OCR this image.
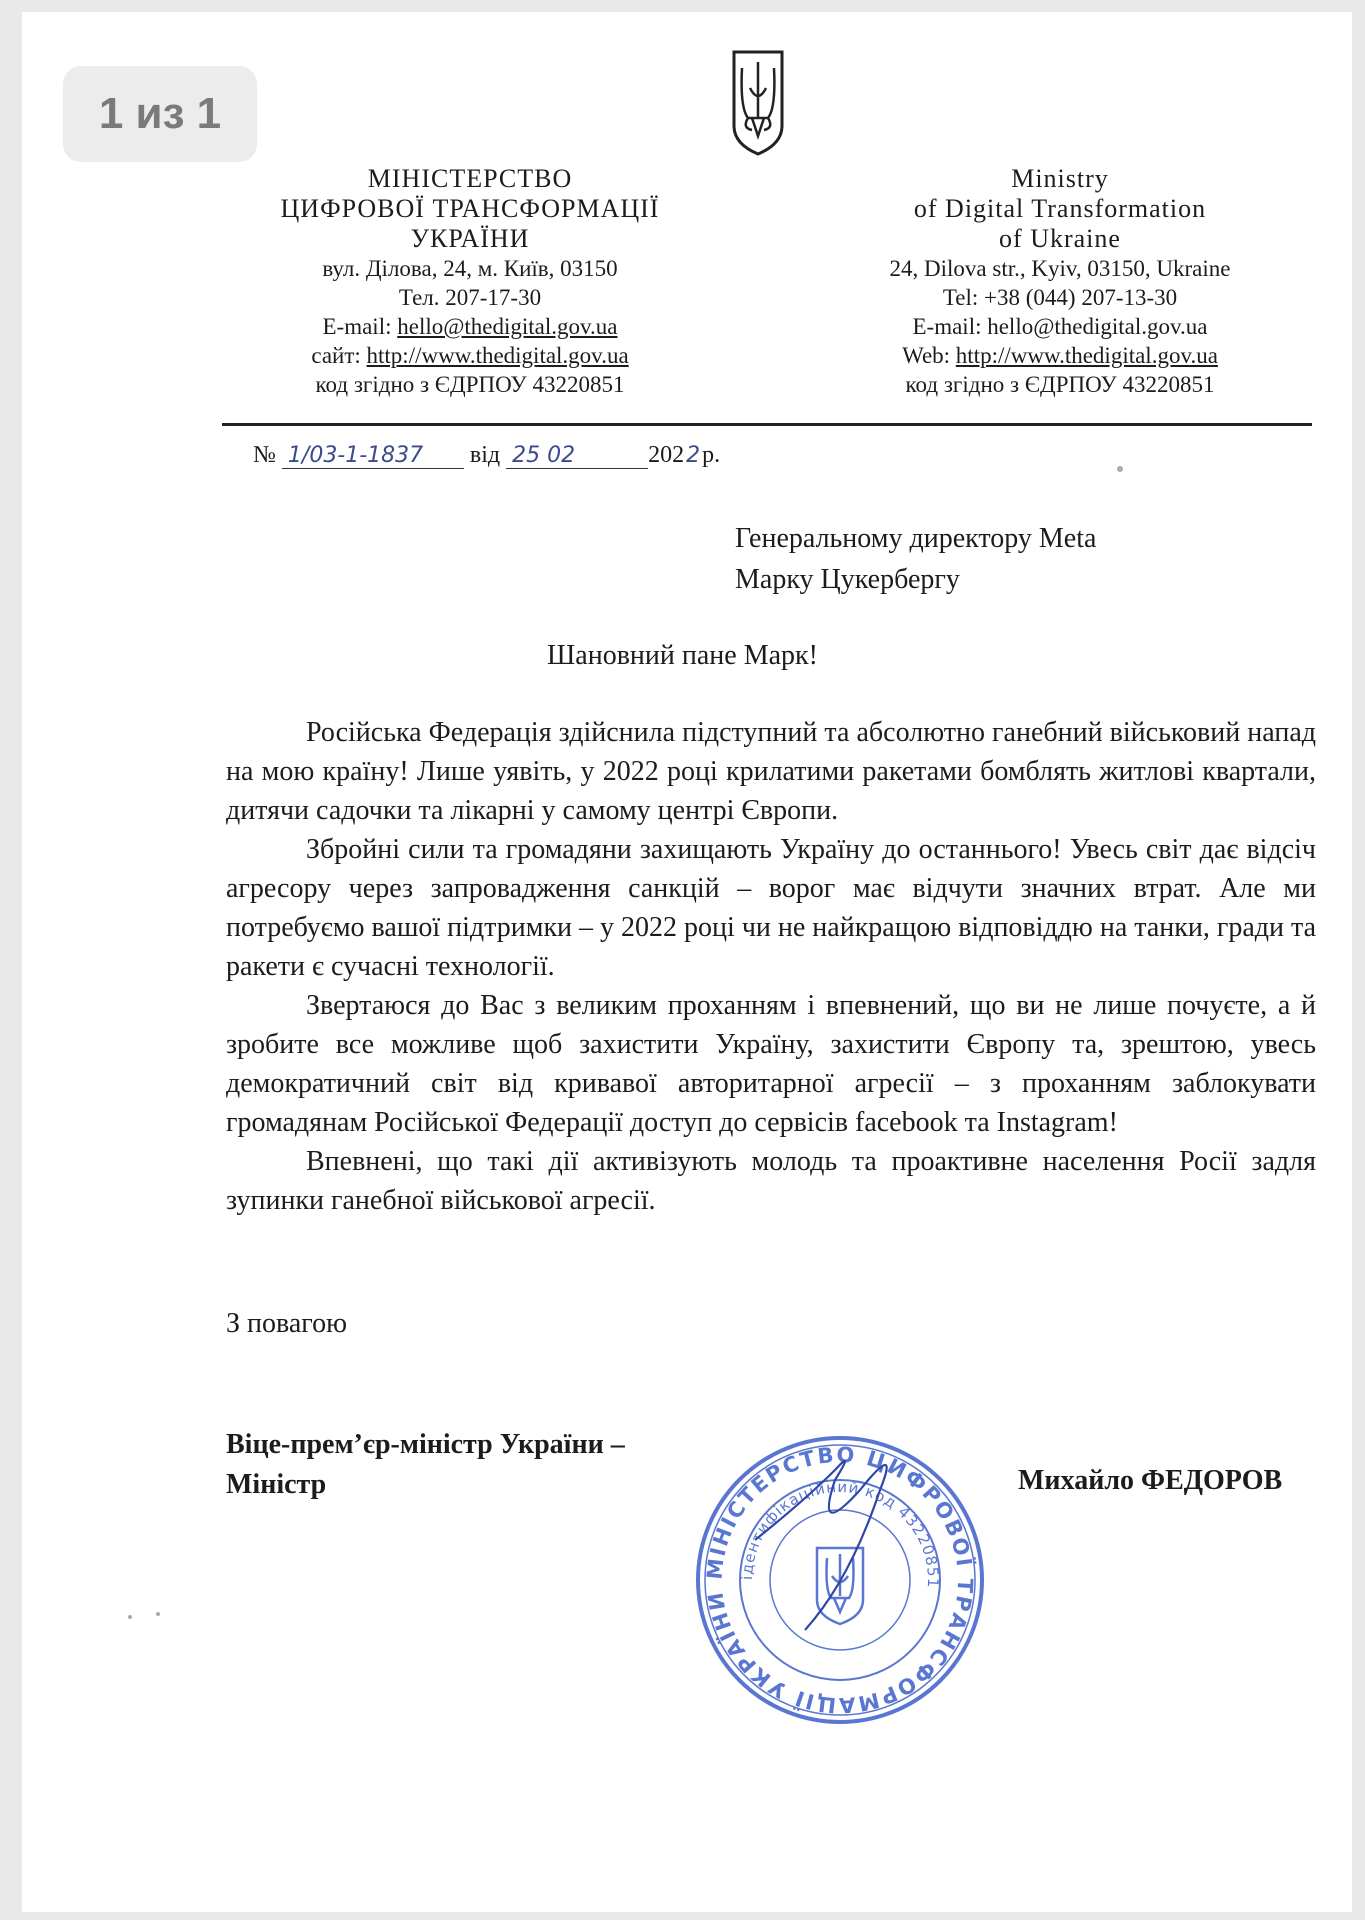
1 из 1
МІНІСТЕРСТВО
ЦИФРОВОЇ ТРАНСФОРМАЦІЇ
УКРАЇНИ
вул. Ділова, 24, м. Київ, 03150
Тел. 207-17-30
E-mail: hello@thedigital.gov.ua
сайт: http://www.thedigital.gov.ua
код згідно з ЄДРПОУ 43220851
Ministry
of Digital Transformation
of Ukraine
24, Dilova str., Kyiv, 03150, Ukraine
Tel: +38 (044) 207-13-30
E-mail: hello@thedigital.gov.ua
Web: http://www.thedigital.gov.ua
код згідно з ЄДРПОУ 43220851
№ 1/03-1-1837 від 25 02	2022р.
Генеральному директору Meta
Марку Цукербергу
Шановний пане Марк!

Російська Федерація здійснила підступний та абсолютно ганебний військовий напад на мою країну! Лише уявіть, у 2022 році крилатими ракетами бомблять житлові квартали, дитячи садочки та лікарні у самому центрі Європи.

Збройні сили та громадяни захищають Україну до останнього! Увесь світ дає відсіч агресору через запровадження санкцій – ворог має відчути значних втрат. Але ми потребуємо вашої підтримки – у 2022 році чи не найкращою відповіддю на танки, гради та ракети є сучасні технології.

Звертаюся до Вас з великим проханням і впевнений, що ви не лише почуєте, а й зробите все можливе щоб захистити Україну, захистити Європу та, зрештою, увесь демократичний світ від кривавої авторитарної агресії – з проханням заблокувати громадянам Російської Федерації доступ до сервісів facebook та Instagram!

Впевнені, що такі дії активізують молодь та проактивне населення Росії задля зупинки ганебної військової агресії.

З повагою
Віце-прем’єр-міністр України –
Міністр	Михайло ФЕДОРОВ
МІНІСТЕРСТВО ЦИФРОВОЇ ТРАНСФОРМАЦІЇ УКРАЇНИ
ідентифікаційний код 43220851
